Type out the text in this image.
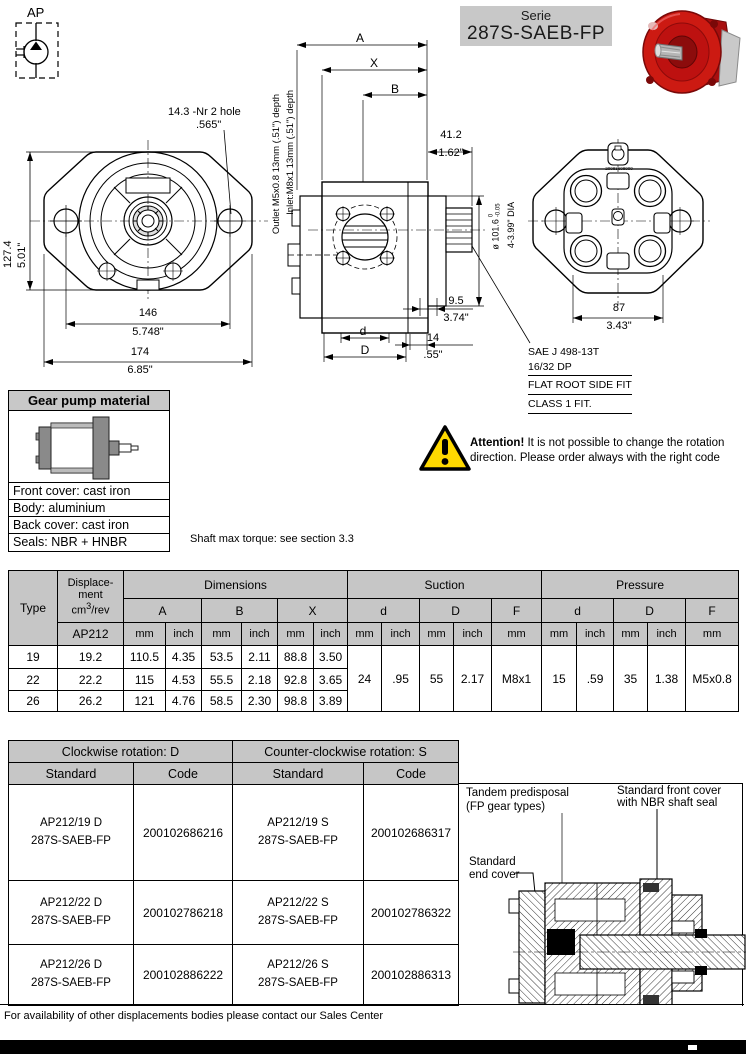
AP	Serie
287S-SAEB-FP
14.3 -Nr 2 hole
.565"
127.4 5.01"
146
5.748"
174
6.85"
A
X
B
41.2
1.62"
Inlet:M8x1 13mm (.51") depth
Outlet M5x0.8 13mm (.51") depth
ø 101.6
0 -0.05 4-3.99" DIA
9.5
3.74"
14
.55"
d
D	SAE J 498-13T
16/32 DP
FLAT ROOT SIDE FIT
CLASS 1 FIT.
20083608000
87
3.43"
Gear pump material
Front cover: cast iron
Body: aluminium
Back cover: cast iron
Seals: NBR + HNBR	Shaft max torque: see section 3.3
Attention! It is not possible to change the rotation direction. Please order always with the right code
Type	Displace-
ment
$cm^3$/rev	Dimensions						Suction					Pressure				
		A		B		X		d		D		F	d		D		F
	AP212	mm	inch	mm	inch	mm	inch	mm	inch	mm	inch	mm	mm	inch	mm	inch	mm
19	19.2	110.5	4.35	53.5	2.11	88.8	3.50	24	.95	55	2.17	M8x1	15	.59	35	1.38	M5x0.8
22	22.2	115	4.53	55.5	2.18	92.8	3.65										
26	26.2	121	4.76	58.5	2.30	98.8	3.89										
Clockwise rotation: D		Counter-clockwise rotation: S	
Standard	Code	Standard	Code

AP212/19 D
287S-SAEB-FP
	200102686216	
AP212/19 S
287S-SAEB-FP
	200102686317

AP212/22 D
287S-SAEB-FP
	200102786218	
AP212/22 S
287S-SAEB-FP
	200102786322

AP212/26 D
287S-SAEB-FP
	200102886222	
AP212/26 S
287S-SAEB-FP
	200102886313
Tandem predisposal
(FP gear types)
Standard front cover
with NBR shaft seal
Standard
end cover
For availability of other displacements bodies please contact our Sales Center
